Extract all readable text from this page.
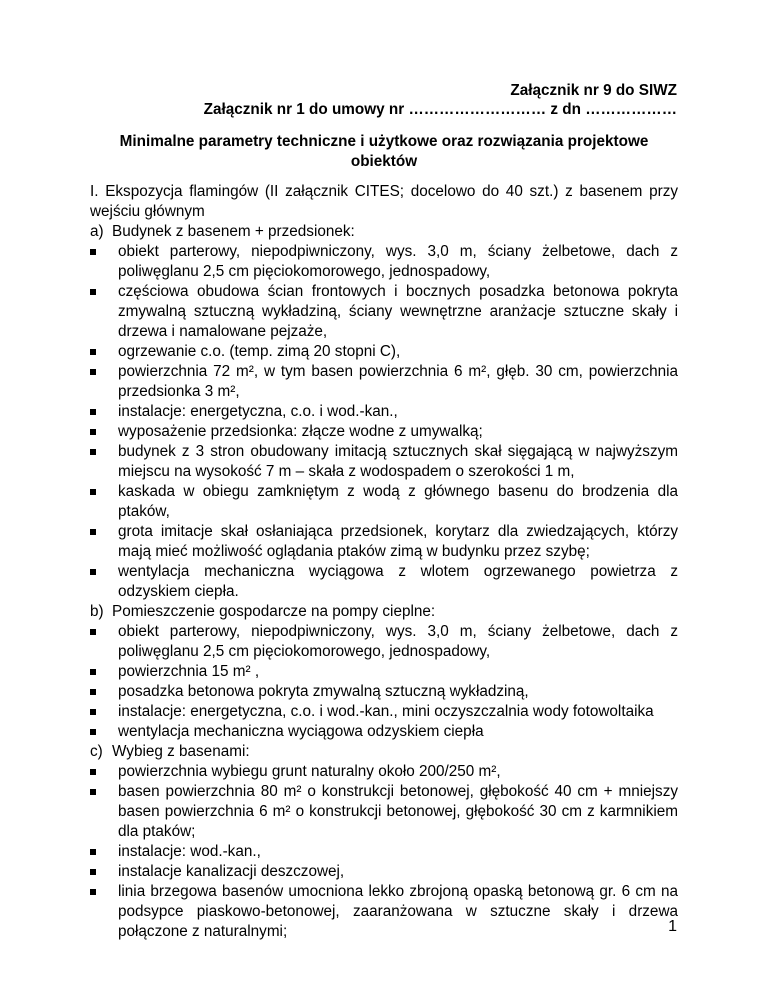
Załącznik nr 9 do SIWZ
Załącznik nr 1 do umowy nr ……………………… z dn ………………
Minimalne parametry techniczne i użytkowe oraz rozwiązania projektowe obiektów
I. Ekspozycja flamingów (II załącznik CITES; docelowo do 40 szt.) z basenem przy wejściu głównym
a) Budynek z basenem + przedsionek:
obiekt parterowy, niepodpiwniczony, wys. 3,0 m, ściany żelbetowe, dach z poliwęglanu 2,5 cm pięciokomorowego, jednospadowy,
częściowa obudowa ścian frontowych i bocznych posadzka betonowa pokryta zmywalną sztuczną wykładziną, ściany wewnętrzne aranżacje sztuczne skały i drzewa i namalowane pejzaże,
ogrzewanie c.o. (temp. zimą 20 stopni C),
powierzchnia 72 m², w tym basen powierzchnia 6 m², głęb. 30 cm, powierzchnia przedsionka 3 m²,
instalacje: energetyczna, c.o. i wod.-kan.,
wyposażenie przedsionka: złącze wodne z umywalką;
budynek z 3 stron obudowany imitacją sztucznych skał sięgającą w najwyższym miejscu na wysokość 7 m – skała z wodospadem o szerokości 1 m,
kaskada w obiegu zamkniętym z wodą z głównego basenu do brodzenia dla ptaków,
grota imitacje skał osłaniająca przedsionek, korytarz dla zwiedzających, którzy mają mieć możliwość oglądania ptaków zimą w budynku przez szybę;
wentylacja mechaniczna wyciągowa z wlotem ogrzewanego powietrza z odzyskiem ciepła.
b) Pomieszczenie gospodarcze na pompy cieplne:
obiekt parterowy, niepodpiwniczony, wys. 3,0 m, ściany żelbetowe, dach z poliwęglanu 2,5 cm pięciokomorowego, jednospadowy,
powierzchnia 15 m² ,
posadzka betonowa pokryta zmywalną sztuczną wykładziną,
instalacje: energetyczna, c.o. i wod.-kan., mini oczyszczalnia wody fotowoltaika
wentylacja mechaniczna wyciągowa odzyskiem ciepła
c) Wybieg z basenami:
powierzchnia wybiegu grunt naturalny około 200/250 m²,
basen powierzchnia 80 m² o konstrukcji betonowej, głębokość 40 cm + mniejszy basen powierzchnia 6 m² o konstrukcji betonowej, głębokość 30 cm z karmnikiem dla ptaków;
instalacje: wod.-kan.,
instalacje kanalizacji deszczowej,
linia brzegowa basenów umocniona lekko zbrojoną opaską betonową gr. 6 cm na podsypce piaskowo-betonowej, zaaranżowana w sztuczne skały i drzewa połączone z naturalnymi;	1
